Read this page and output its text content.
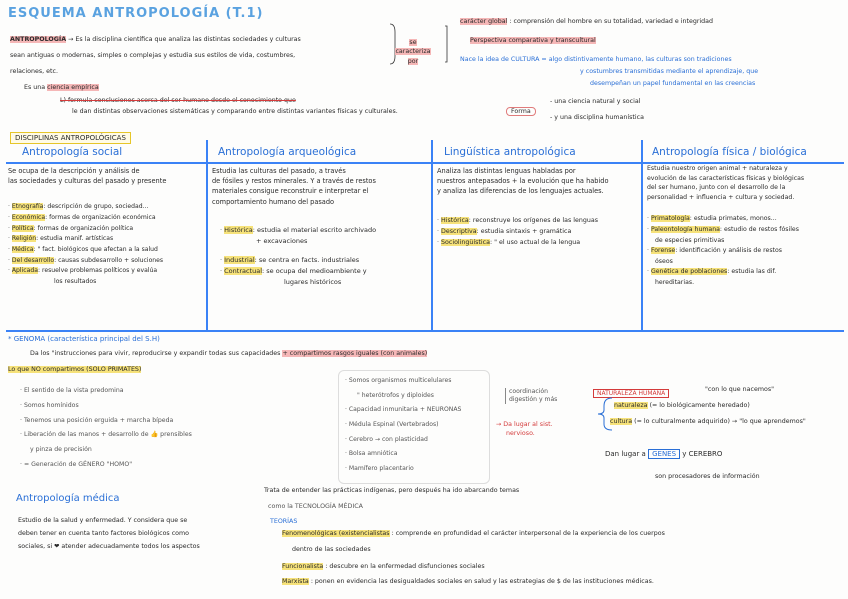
ESQUEMA ANTROPOLOGÍA (T.1)
ANTROPOLOGÍA → Es la disciplina científica que analiza las distintas sociedades y culturas
sean antiguas o modernas, simples o complejas y estudia sus estilos de vida, costumbres,
relaciones, etc.
Es una ciencia empírica
se caracteriza por
carácter global : comprensión del hombre en su totalidad, variedad e integridad
Perspectiva comparativa y transcultural
Nace la idea de CULTURA = algo distintivamente humano, las culturas son tradiciones
y costumbres transmitidas mediante el aprendizaje, que
desempeñan un papel fundamental en las creencias
L) formula conclusiones acerca del ser humano desde el conocimiento que
le dan distintas observaciones sistemáticas y comparando entre distintas variantes físicas y culturales.	Forma
- una ciencia natural y social
- y una disciplina humanística
DISCIPLINAS ANTROPOLÓGICAS
Antropología social	Antropología arqueológica	Lingüística antropológica	Antropología física / biológica
Se ocupa de la descripción y análisis de
las sociedades y culturas del pasado y presente
· Etnografía: descripción de grupo, sociedad...
· Económica: formas de organización económica
· Política: formas de organización política
· Religión: estudia manif. artísticas
· Médica: " fact. biológicos que afectan a la salud
· Del desarrollo: causas subdesarrollo + soluciones
· Aplicada: resuelve problemas políticos y evalúa
los resultados
Estudia las culturas del pasado, a través
de fósiles y restos minerales. Y a través de restos
materiales consigue reconstruir e interpretar el
comportamiento humano del pasado
· Histórica: estudia el material escrito archivado
+ excavaciones
· Industrial: se centra en facts. industriales
· Contractual: se ocupa del medioambiente y
lugares históricos
Analiza las distintas lenguas habladas por
nuestros antepasados + la evolución que ha habido
y analiza las diferencias de los lenguajes actuales.
· Histórica: reconstruye los orígenes de las lenguas
· Descriptiva: estudia sintaxis + gramática
· Sociolingüística: " el uso actual de la lengua
Estudia nuestro origen animal + naturaleza y
evolución de las características físicas y biológicas
del ser humano, junto con el desarrollo de la
personalidad + influencia + cultura y sociedad.
· Primatología: estudia primates, monos...
· Paleontología humana: estudio de restos fósiles
de especies primitivas
· Forense: identificación y análisis de restos
óseos
· Genética de poblaciones: estudia las dif.
hereditarias.
* GENOMA (característica principal del S.H)
Da los "instrucciones para vivir, reproducirse y expandir todas sus capacidades + compartimos rasgos iguales (con animales)
Lo que NO compartimos (SOLO PRIMATES)
· El sentido de la vista predomina
· Somos homínidos
· Tenemos una posición erguida + marcha bípeda
· Liberación de las manos + desarrollo de 👍 prensibles
y pinza de precisión
· = Generación de GÉNERO "HOMO"
· Somos organismos multicelulares
" heterótrofos y diploides
· Capacidad inmunitaria + NEURONAS
· Médula Espinal (Vertebrados)
· Cerebro → con plasticidad
· Bolsa amniótica
· Mamífero placentario
coordinación
digestión y más
→ Da lugar al sist.
nervioso.
NATURALEZA HUMANA
"con lo que nacemos"
naturaleza (= lo biológicamente heredado)
cultura (= lo culturalmente adquirido) → "lo que aprendemos"
Dan lugar a GENES y CEREBRO
son procesadores de información
Antropología médica
Estudio de la salud y enfermedad. Y considera que se
deben tener en cuenta tanto factores biológicos como
sociales, si ❤ atender adecuadamente todos los aspectos
Trata de entender las prácticas indígenas, pero después ha ido abarcando temas
como la TECNOLOGÍA MÉDICA
TEORÍAS
Fenomenológicas (existencialistas : comprende en profundidad el carácter interpersonal de la experiencia de los cuerpos
dentro de las sociedades
Funcionalista : descubre en la enfermedad disfunciones sociales
Marxista : ponen en evidencia las desigualdades sociales en salud y las estrategias de $ de las instituciones médicas.
